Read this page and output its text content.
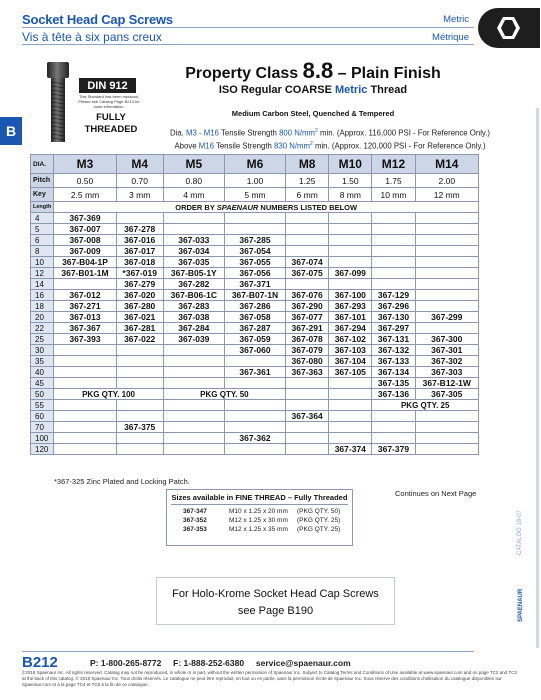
Socket Head Cap Screws
Vis à tête à six pans creux
Metric
Métrique
B
DIN 912
This Standard has been replaced. Please see Catalog Page B213 for more information.
FULLY THREADED
Property Class 8.8 – Plain Finish
ISO Regular COARSE Metric Thread
Medium Carbon Steel, Quenched & Tempered
Dia. M3 - M16 Tensile Strength 800 $N/mm^2$ min. (Approx. 116,000 PSI - For Reference Only.)
Above M16 Tensile Strength 830 $N/mm^2$ min. (Approx. 120,000 PSI - For Reference Only.)
DIA.	M3	M4	M5	M6	M8	M10	M12	M14
Pitch	0.50	0.70	0.80	1.00	1.25	1.50	1.75	2.00
Key	2.5 mm	3 mm	4 mm	5 mm	6 mm	8 mm	10 mm	12 mm
Length	ORDER BY SPAENAUR NUMBERS LISTED BELOW							
4	367-369							
5	367-007	367-278						
6	367-008	367-016	367-033	367-285				
8	367-009	367-017	367-034	367-054				
10	367-B04-1P	367-018	367-035	367-055	367-074			
12	367-B01-1M	*367-019	367-B05-1Y	367-056	367-075	367-099		
14		367-279	367-282	367-371				
16	367-012	367-020	367-B06-1C	367-B07-1N	367-076	367-100	367-129	
18	367-271	367-280	367-283	367-286	367-290	367-293	367-296	
20	367-013	367-021	367-038	367-058	367-077	367-101	367-130	367-299
22	367-367	367-281	367-284	367-287	367-291	367-294	367-297	
25	367-393	367-022	367-039	367-059	367-078	367-102	367-131	367-300
30				367-060	367-079	367-103	367-132	367-301
35					367-080	367-104	367-133	367-302
40				367-361	367-363	367-105	367-134	367-303
45							367-135	367-B12-1W
50	PKG QTY. 100		PKG QTY. 50				367-136	367-305
55							PKG QTY. 25	
60					367-364			
70		367-375						
100				367-362				
120						367-374	367-379	
*367-325 Zinc Plated and Locking Patch.
Continues on Next Page
Sizes available in FINE THREAD – Fully Threaded
367-347	M10 x 1.25 x 20 mm (PKG QTY. 50)
367-352	M12 x 1.25 x 30 mm (PKG QTY. 25)
367-353	M12 x 1.25 x 35 mm (PKG QTY. 25)
For Holo-Krome Socket Head Cap Screws
see Page B190
CATALOG 18-07
SPAENAUR
B212	P: 1-800-265-8772 F: 1-888-252-6380 service@spaenaur.com
©2018 Spaenaur Inc. All rights reserved. Catalog may not be reproduced, in whole or in part, without the written permission of Spaenaur Inc. Subject to Catalog Terms and Conditions of Use available at www.spaenaur.com and on page TC2 and TC3 at the back of this catalog. © 2018 Spaenaur Inc. Tous droits réservés. Le catalogue ne peut être reproduit, en tout ou en partie, sans la permission écrite de Spaenaur Inc. Sous réserve des conditions d'utilisation du catalogue disponibles sur Spaenaur.com et à la page TC4 et TC5 à la fin de ce catalogue.
